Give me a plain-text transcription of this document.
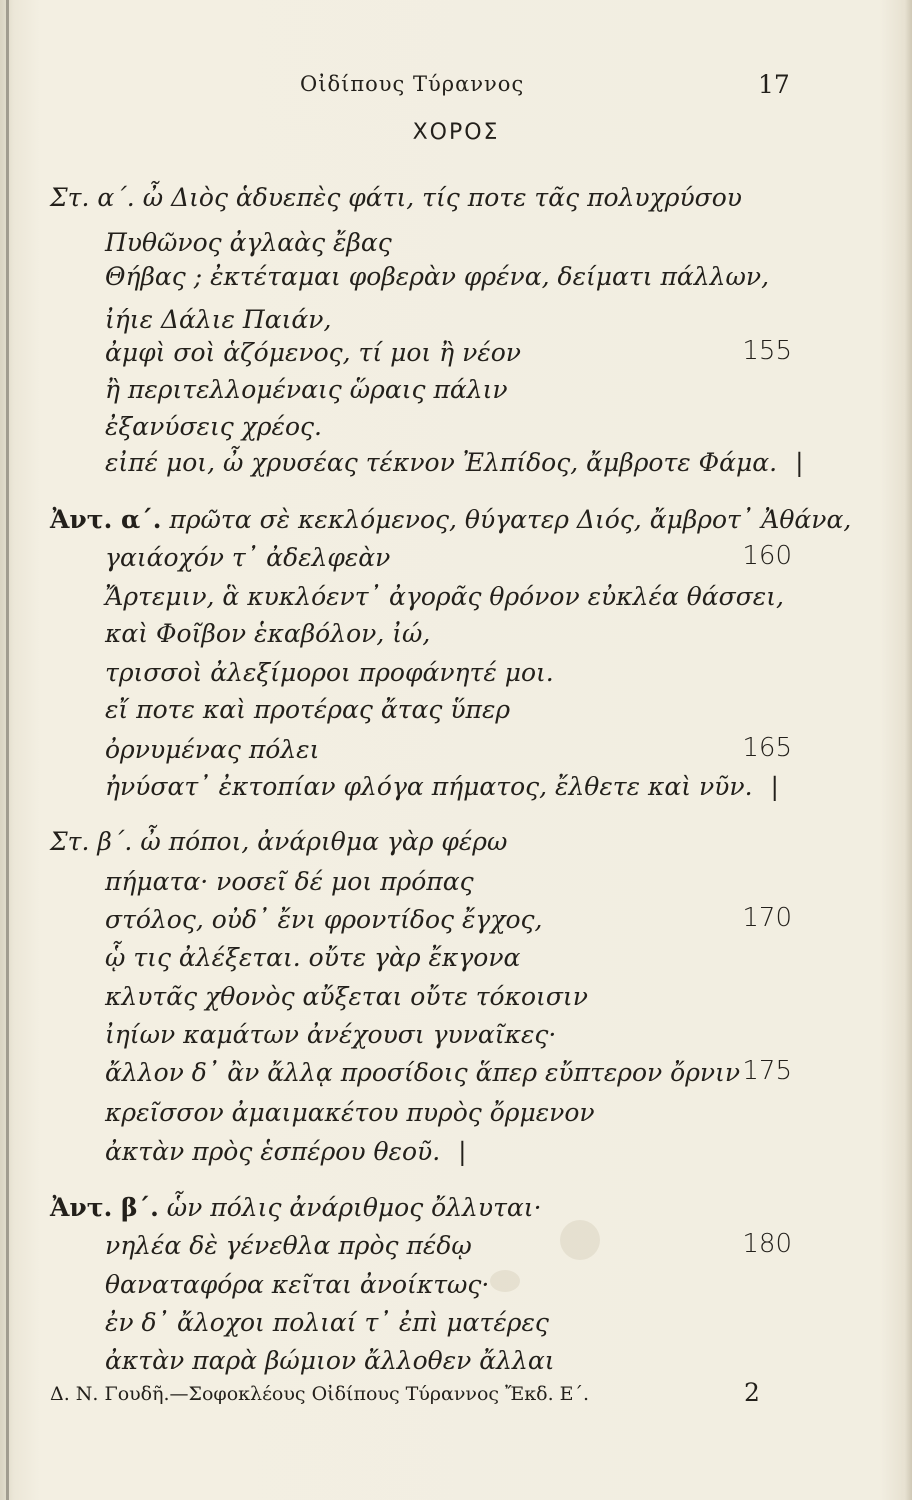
Οἰδίπους Τύραννος	17
ΧΟΡΟΣ
Στ. α΄. ὦ Διὸς ἁδυεπὲς φάτι, τίς ποτε τᾶς πολυχρύσου
Πυθῶνος ἀγλαὰς ἔβας
Θήβας ; ἐκτέταμαι φοβερὰν φρένα, δείματι πάλλων,
ἰήιε Δάλιε Παιάν,
ἀμφὶ σοὶ ἁζόμενος, τί μοι ἢ νέον	155
ἢ περιτελλομέναις ὥραις πάλιν
ἐξανύσεις χρέος.
εἰπέ μοι, ὦ χρυσέας τέκνον Ἐλπίδος, ἄμβροτε Φάμα. |
Ἀντ. α΄. πρῶτα σὲ κεκλόμενος, θύγατερ Διός, ἄμβροτ᾽ Ἀθάνα,
γαιάοχόν τ᾽ ἀδελφεὰν	160
Ἄρτεμιν, ἃ κυκλόεντ᾽ ἀγορᾶς θρόνον εὐκλέα θάσσει,
καὶ Φοῖβον ἑκαβόλον, ἰώ,
τρισσοὶ ἀλεξίμοροι προφάνητέ μοι.
εἴ ποτε καὶ προτέρας ἄτας ὕπερ
ὀρνυμένας πόλει	165
ἠνύσατ᾽ ἐκτοπίαν φλόγα πήματος, ἔλθετε καὶ νῦν. |
Στ. β΄. ὦ πόποι, ἀνάριθμα γὰρ φέρω
πήματα· νοσεῖ δέ μοι πρόπας
στόλος, οὐδ᾽ ἔνι φροντίδος ἔγχος,	170
ᾧ τις ἀλέξεται. οὔτε γὰρ ἔκγονα
κλυτᾶς χθονὸς αὔξεται οὔτε τόκοισιν
ἰηίων καμάτων ἀνέχουσι γυναῖκες·
ἄλλον δ᾽ ἂν ἄλλᾳ προσίδοις ἅπερ εὔπτερον ὄρνιν 175
κρεῖσσον ἀμαιμακέτου πυρὸς ὄρμενον
ἀκτὰν πρὸς ἑσπέρου θεοῦ. |
Ἀντ. β΄. ὧν πόλις ἀνάριθμος ὄλλυται·
νηλέα δὲ γένεθλα πρὸς πέδῳ	180
θαναταφόρα κεῖται ἀνοίκτως·
ἐν δ᾽ ἄλοχοι πολιαί τ᾽ ἐπὶ ματέρες
ἀκτὰν παρὰ βώμιον ἄλλοθεν ἄλλαι
Δ. Ν. Γουδῆ.—Σοφοκλέους Οἰδίπους Τύραννος Ἔκδ. Ε΄.	2
